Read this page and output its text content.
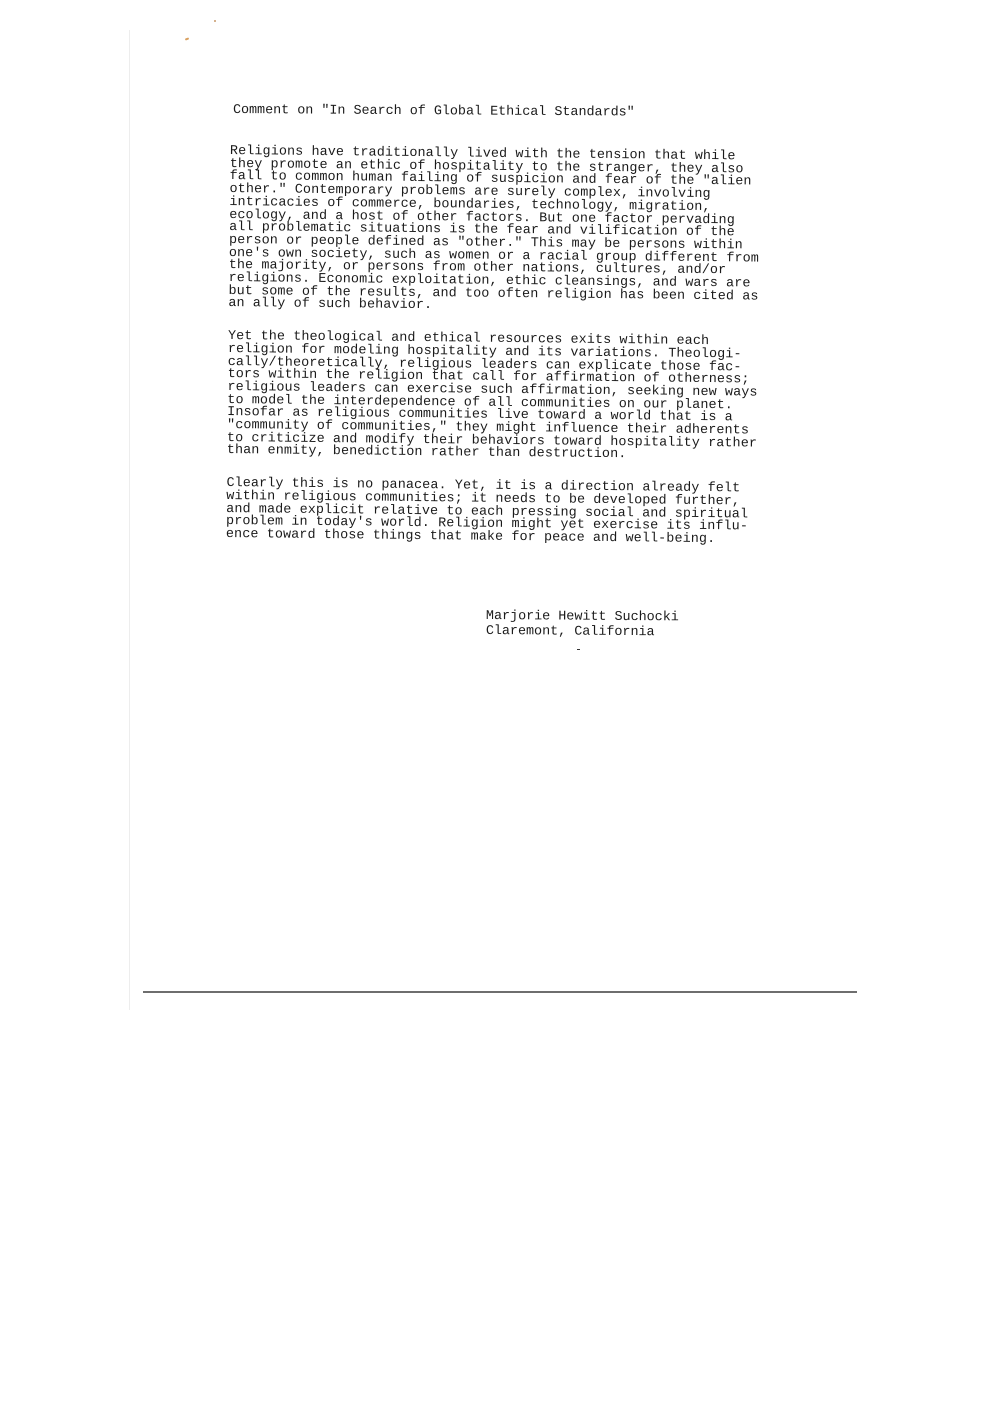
Comment on "In Search of Global Ethical Standards"

Religions have traditionally lived with the tension that while
they promote an ethic of hospitality to the stranger, they also
fall to common human failing of suspicion and fear of the "alien
other." Contemporary problems are surely complex, involving
intricacies of commerce, boundaries, technology, migration,
ecology, and a host of other factors. But one factor pervading
all problematic situations is the fear and vilification of the
person or people defined as "other." This may be persons within
one's own society, such as women or a racial group different from
the majority, or persons from other nations, cultures, and/or
religions. Economic exploitation, ethic cleansings, and wars are
but some of the results, and too often religion has been cited as
an ally of such behavior.

Yet the theological and ethical resources exits within each
religion for modeling hospitality and its variations. Theologi-
cally/theoretically, religious leaders can explicate those fac-
tors within the religion that call for affirmation of otherness;
religious leaders can exercise such affirmation, seeking new ways
to model the interdependence of all communities on our planet.
Insofar as religious communities live toward a world that is a
"community of communities," they might influence their adherents
to criticize and modify their behaviors toward hospitality rather
than enmity, benediction rather than destruction.

Clearly this is no panacea. Yet, it is a direction already felt
within religious communities; it needs to be developed further,
and made explicit relative to each pressing social and spiritual
problem in today's world. Religion might yet exercise its influ-
ence toward those things that make for peace and well-being.

Marjorie Hewitt Suchocki
Claremont, California
